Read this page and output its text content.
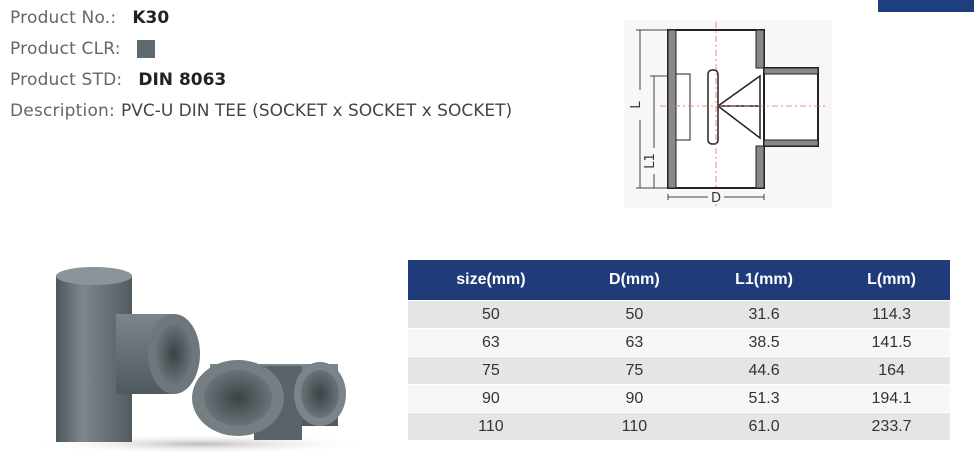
Product No.: K30
Product CLR:
Product STD: DIN 8063
Description: PVC-U DIN TEE (SOCKET x SOCKET x SOCKET)	L
L1
D
size(mm)	D(mm)	L1(mm)	L(mm)
50	50	31.6	114.3
63	63	38.5	141.5
75	75	44.6	164
90	90	51.3	194.1
110	110	61.0	233.7
